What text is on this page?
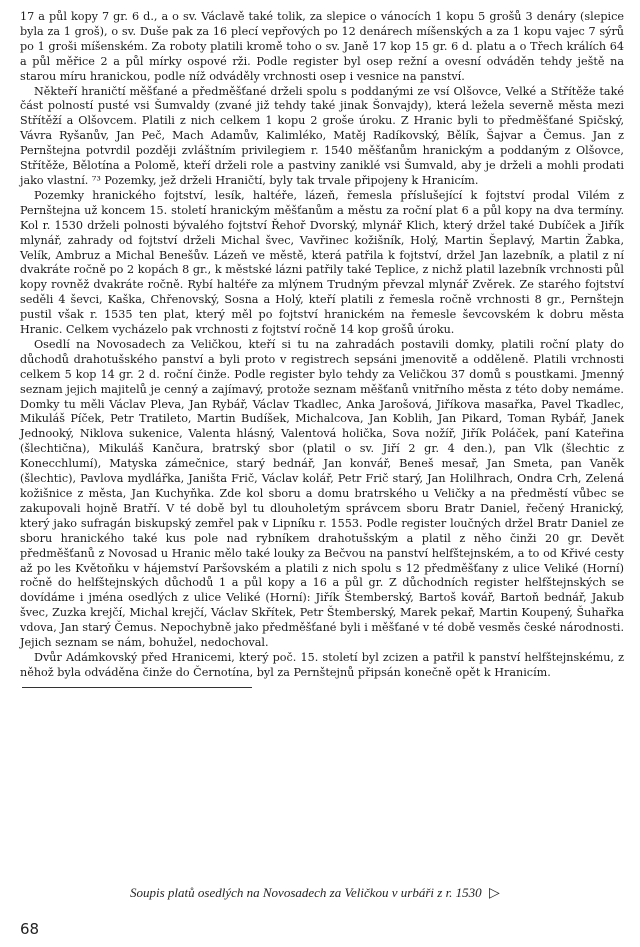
17 a půl kopy 7 gr. 6 d., a o sv. Václavě také tolik, za slepice o vánocích 1 kopu 5 grošů 3 denáry (slepice byla za 1 groš), o sv. Duše pak za 16 plecí vepřových po 12 denárech míšenských a za 1 kopu vajec 7 sýrů po 1 groši míšenském. Za roboty platili kromě toho o sv. Janě 17 kop 15 gr. 6 d. platu a o Třech králích 64 a půl měřice 2 a půl mírky ospové rži. Podle register byl osep režní a ovesní odváděn tehdy ještě na starou míru hranickou, podle níž odváděly vrchnosti osep i vesnice na panství.

Někteří hraničtí měšťané a předměšťané drželi spolu s poddanými ze vsí Olšovce, Velké a Střítěže také část polností pusté vsi Šumvaldy (zvané již tehdy také jinak Šonvajdy), která ležela severně města mezi Střítěží a Olšovcem. Platili z nich celkem 1 kopu 2 groše úroku. Z Hranic byli to předměšťané Spičský, Vávra Ryšanův, Jan Peč, Mach Adamův, Kalimléko, Matěj Radíkovský, Bělík, Šajvar a Čemus. Jan z Pernštejna potvrdil později zvláštním privilegiem r. 1540 měšťanům hranickým a poddaným z Olšovce, Střítěže, Bělotína a Polomě, kteří drželi role a pastviny zaniklé vsi Šumvald, aby je drželi a mohli prodati jako vlastní. ⁷³ Pozemky, jež drželi Hraničtí, byly tak trvale připojeny k Hranicím.

Pozemky hranického fojtství, lesík, haltéře, lázeň, řemesla příslušející k fojtství prodal Vilém z Pernštejna už koncem 15. století hranickým měšťanům a městu za roční plat 6 a půl kopy na dva termíny. Kol r. 1530 drželi polnosti bývalého fojtství Řehoř Dvorský, mlynář Klich, který držel také Dubíček a Jiřík mlynář, zahrady od fojtství drželi Michal švec, Vavřinec kožišník, Holý, Martin Šeplavý, Martin Žabka, Velík, Ambruz a Michal Benešův. Lázeň ve městě, která patřila k fojtství, držel Jan lazebník, a platil z ní dvakráte ročně po 2 kopách 8 gr., k městské lázni patřily také Teplice, z nichž platil lazebník vrchnosti půl kopy rovněž dvakráte ročně. Rybí haltéře za mlýnem Trudným převzal mlynář Zvěrek. Ze starého fojtství seděli 4 ševci, Kaška, Chřenovský, Sosna a Holý, kteří platili z řemesla ročně vrchnosti 8 gr., Pernštejn pustil však r. 1535 ten plat, který měl po fojtství hranickém na řemesle ševcovském k dobru města Hranic. Celkem vycházelo pak vrchnosti z fojtství ročně 14 kop grošů úroku.

Osedlí na Novosadech za Veličkou, kteří si tu na zahradách postavili domky, platili roční platy do důchodů drahotušského panství a byli proto v registrech sepsáni jmenovitě a odděleně. Platili vrchnosti celkem 5 kop 14 gr. 2 d. roční činže. Podle register bylo tehdy za Veličkou 37 domů s poustkami. Jmenný seznam jejich majitelů je cenný a zajímavý, protože seznam měšťanů vnitřního města z této doby nemáme. Domky tu měli Václav Pleva, Jan Rybář, Václav Tkadlec, Anka Jarošová, Jiříkova masařka, Pavel Tkadlec, Mikuláš Píček, Petr Tratileto, Martin Budíšek, Michalcova, Jan Koblih, Jan Pikard, Toman Rybář, Janek Jednooký, Niklova sukenice, Valenta hlásný, Valentová holička, Sova nožíř, Jiřík Poláček, paní Kateřina (šlechtična), Mikuláš Kančura, bratrský sbor (platil o sv. Jiří 2 gr. 4 den.), pan Vlk (šlechtic z Konecchlumí), Matyska zámečnice, starý bednář, Jan konvář, Beneš mesař, Jan Smeta, pan Vaněk (šlechtic), Pavlova mydlářka, Janišta Frič, Václav kolář, Petr Frič starý, Jan Holilhrach, Ondra Crh, Zelená kožišnice z města, Jan Kuchyňka. Zde kol sboru a domu bratrského u Veličky a na předměstí vůbec se zakupovali hojně Bratří. V té době byl tu dlouholetým správcem sboru Bratr Daniel, řečený Hranický, který jako sufragán biskupský zemřel pak v Lipníku r. 1553. Podle register loučných držel Bratr Daniel ze sboru hranického také kus pole nad rybníkem drahotušským a platil z něho činži 20 gr. Devět předměšťanů z Novosad u Hranic mělo také louky za Bečvou na panství helfštejnském, a to od Křivé cesty až po les Květoňku v hájemství Paršovském a platili z nich spolu s 12 předměšťany z ulice Veliké (Horní) ročně do helfštejnských důchodů 1 a půl kopy a 16 a půl gr. Z důchodních register helfštejnských se dovídáme i jména osedlých z ulice Veliké (Horní): Jiřík Štemberský, Bartoš kovář, Bartoň bednář, Jakub švec, Zuzka krejčí, Michal krejčí, Václav Skřítek, Petr Štemberský, Marek pekař, Martin Koupený, Šuhařka vdova, Jan starý Čemus. Nepochybně jako předměšťané byli i měšťané v té době vesměs české národnosti. Jejich seznam se nám, bohužel, nedochoval.

Dvůr Adámkovský před Hranicemi, který poč. 15. století byl zcizen a patřil k panství helfštejnskému, z něhož byla odváděna činže do Černotína, byl za Pernštejnů připsán konečně opět k Hranicím.

Soupis platů osedlých na Novosadech za Veličkou v urbáři z r. 1530 ▷
68
